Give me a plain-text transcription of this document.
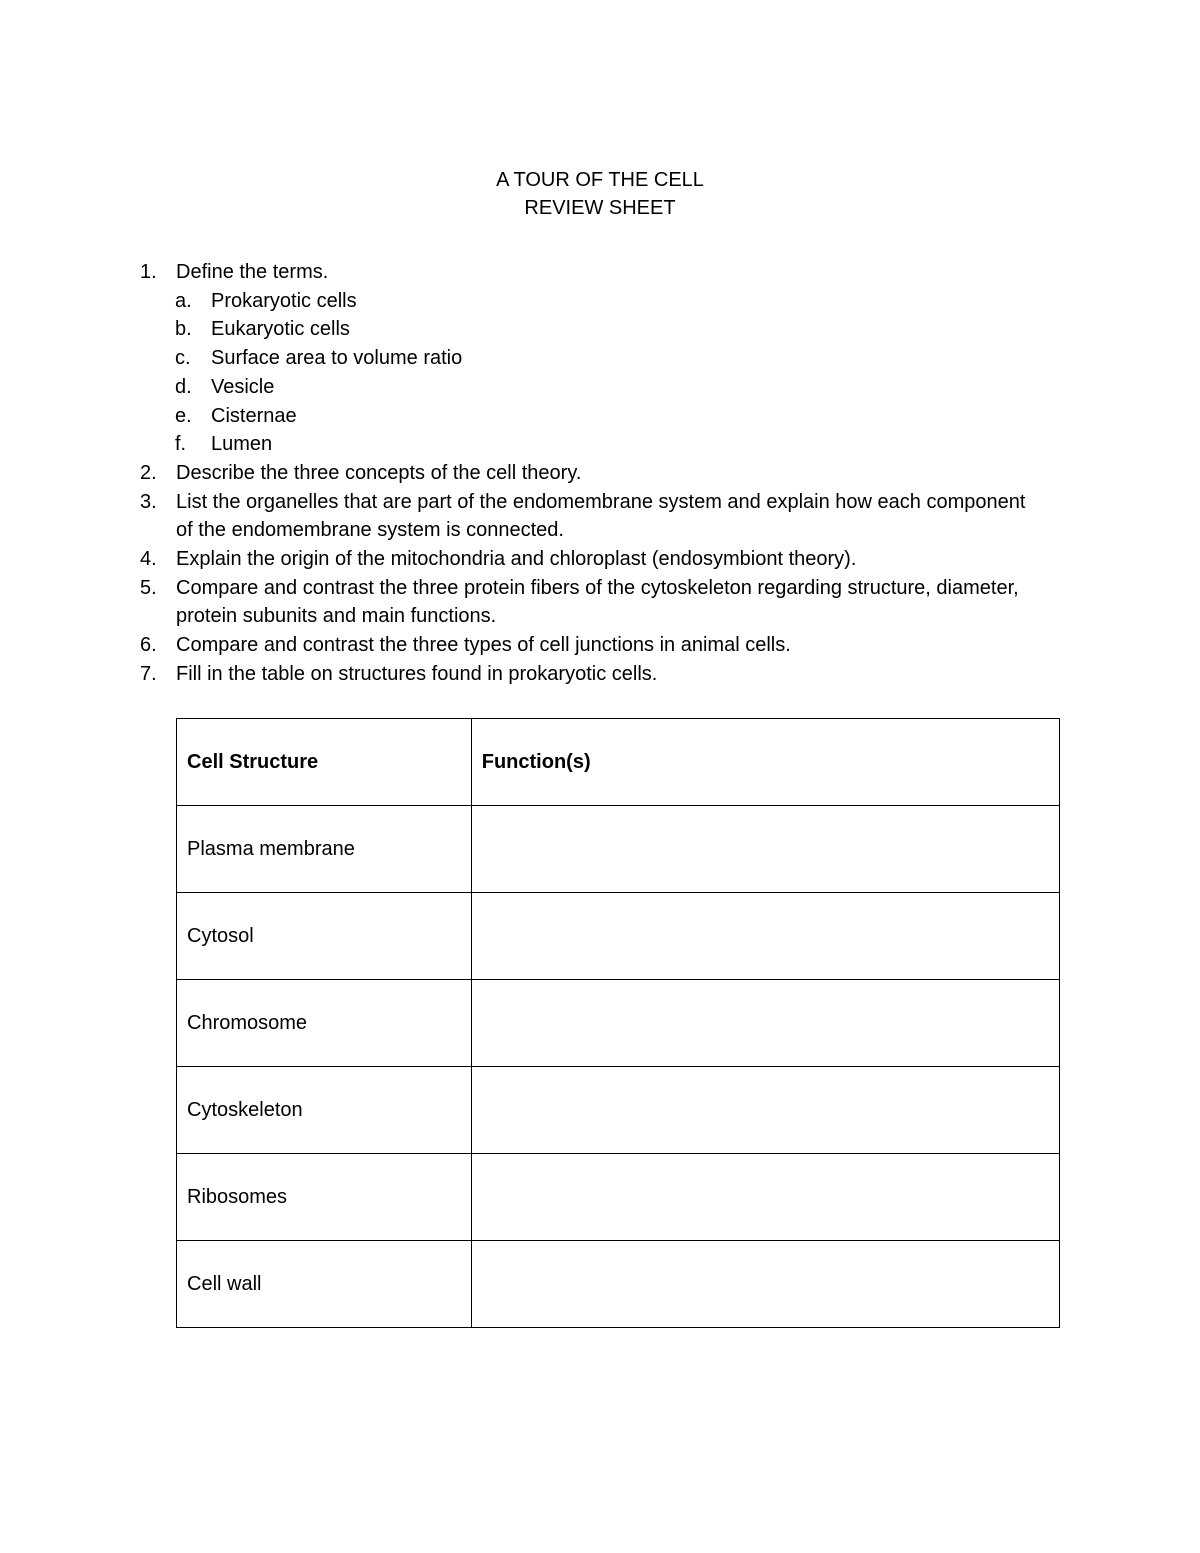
A TOUR OF THE CELL
REVIEW SHEET
1. Define the terms.
a. Prokaryotic cells
b. Eukaryotic cells
c.	Surface area to volume ratio
d. Vesicle
e. Cisternae
f.	Lumen
2. Describe the three concepts of the cell theory.
3. List the organelles that are part of the endomembrane system and explain how each component of the endomembrane system is connected.
4. Explain the origin of the mitochondria and chloroplast (endosymbiont theory).
5. Compare and contrast the three protein fibers of the cytoskeleton regarding structure, diameter, protein subunits and main functions.
6. Compare and contrast the three types of cell junctions in animal cells.
7. Fill in the table on structures found in prokaryotic cells.
Cell Structure	Function(s)
Plasma membrane	
Cytosol	
Chromosome	
Cytoskeleton	
Ribosomes	
Cell wall	
